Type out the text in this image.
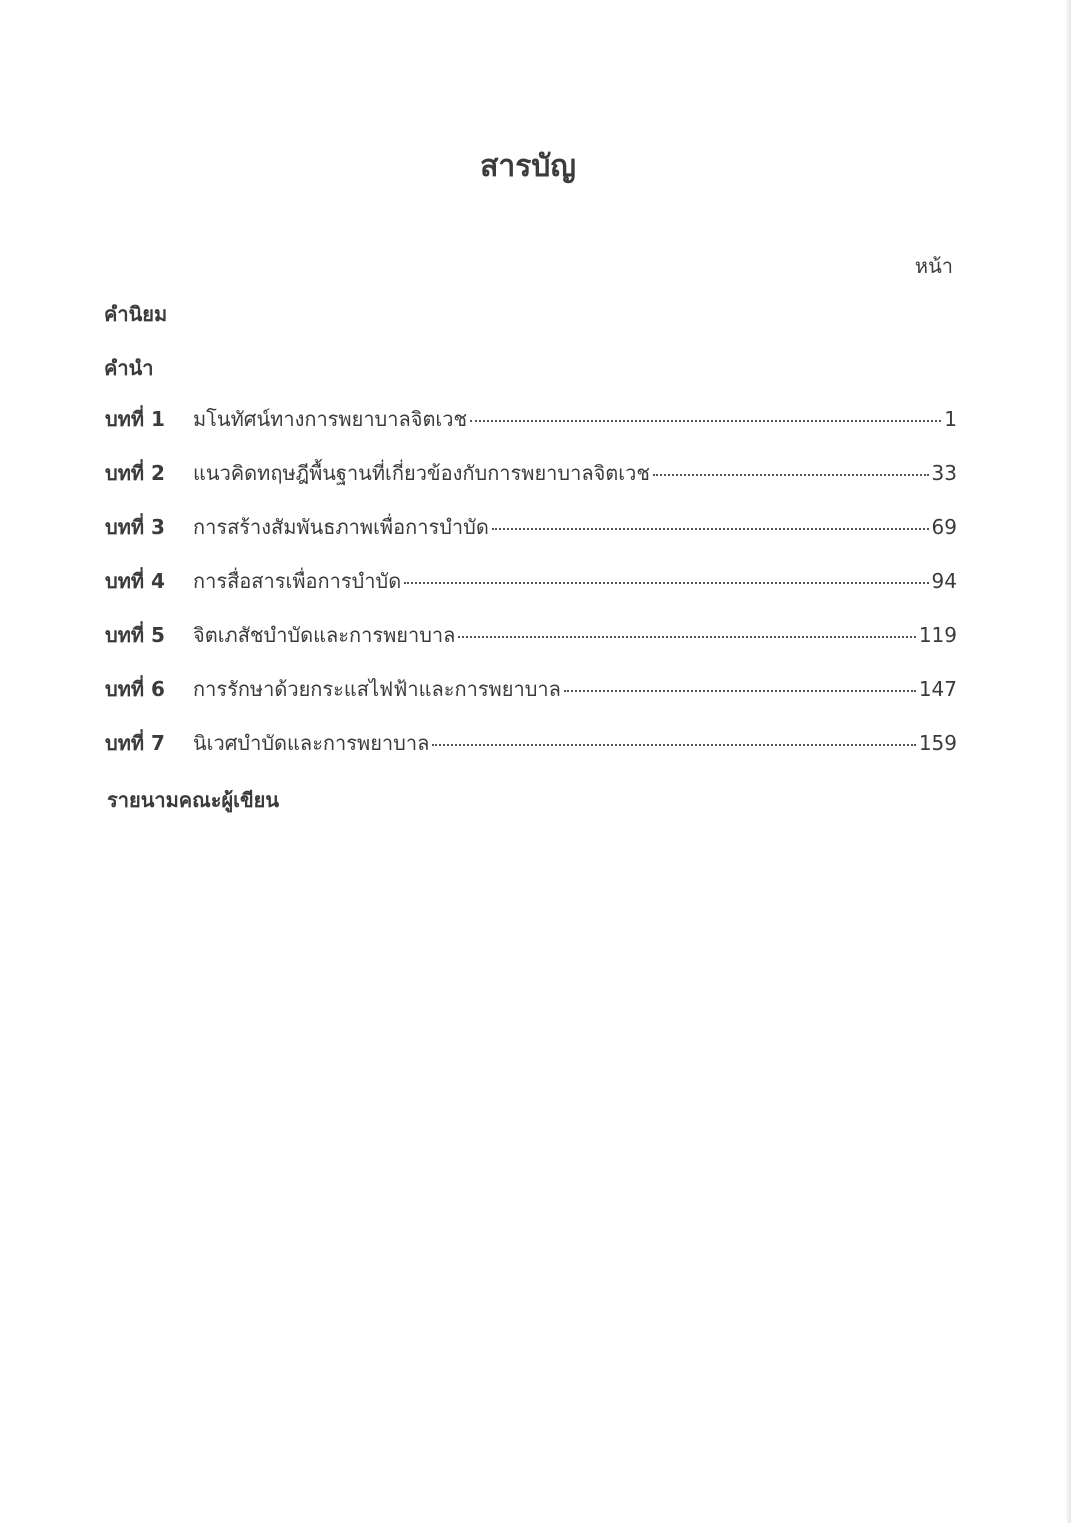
สารบัญ
หน้า
คำนิยม
คำนำ
บทที่ 1	มโนทัศน์ทางการพยาบาลจิตเวช	1
บทที่ 2	แนวคิดทฤษฎีพื้นฐานที่เกี่ยวข้องกับการพยาบาลจิตเวช	33
บทที่ 3	การสร้างสัมพันธภาพเพื่อการบำบัด	69
บทที่ 4	การสื่อสารเพื่อการบำบัด	94
บทที่ 5	จิตเภสัชบำบัดและการพยาบาล	119
บทที่ 6	การรักษาด้วยกระแสไฟฟ้าและการพยาบาล	147
บทที่ 7	นิเวศบำบัดและการพยาบาล	159
รายนามคณะผู้เขียน
